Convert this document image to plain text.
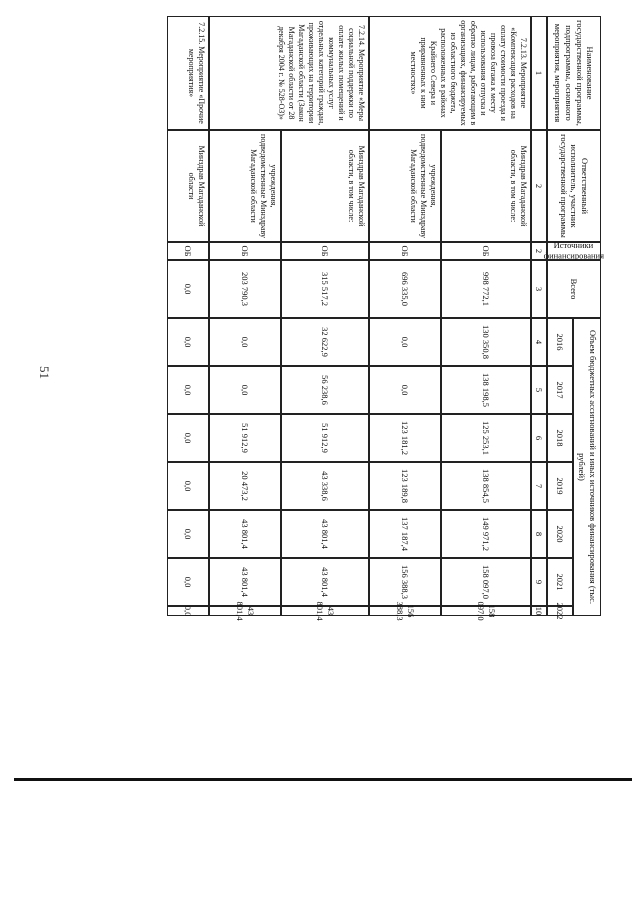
51
Наименование государственной программы, подпрограммы, основного мероприятия, мероприятия
Ответственный исполнитель, участник государственной программы
Источники финансирования
Всего
Объем бюджетных ассигнований и иных источников финансирования (тыс. рублей)
2016
2017
2018
2019
2020
2021
2022
1
2
2
3
4
5
6
7
8
9
10
7.2.13. Мероприятие «Компенсация расходов на оплату стоимости проезда и провоза багажа к месту использования отпуска и обратно лицам, работающим в организациях, финансируемых из областного бюджета, расположенных в районах Крайнего Севера и приравненных к ним местностях»
7.2.14. Мероприятие «Меры социальной поддержки по оплате жилых помещений и коммунальных услуг отдельных категорий граждан, проживающих на территории Магаданской области (Закон Магаданской области от 28 декабря 2004 г. № 528-ОЗ)»
7.2.15. Мероприятие «Прочие мероприятия»
Минздрав Магаданской области, в том числе:
ОБ
998 772,1
130 350,8
138 198,5
125 253,1
138 854,5
149 971,2
158 097,0
158 097,0
учреждения, подведомственные Минздраву Магаданской области
ОБ
696 335,0
0,0
0,0
123 181,2
123 189,8
137 187,4
156 388,3
156 388,3
Минздрав Магаданской области, в том числе:
ОБ
315 517,2
32 622,9
56 238,6
51 912,9
43 338,6
43 801,4
43 801,4
43 801,4
учреждения, подведомственные Минздраву Магаданской области
ОБ
203 790,3
0,0
0,0
51 912,9
20 473,2
43 801,4
43 801,4
43 801,4
Минздрав Магаданской области
ОБ
0,0
0,0
0,0
0,0
0,0
0,0
0,0
0,0
